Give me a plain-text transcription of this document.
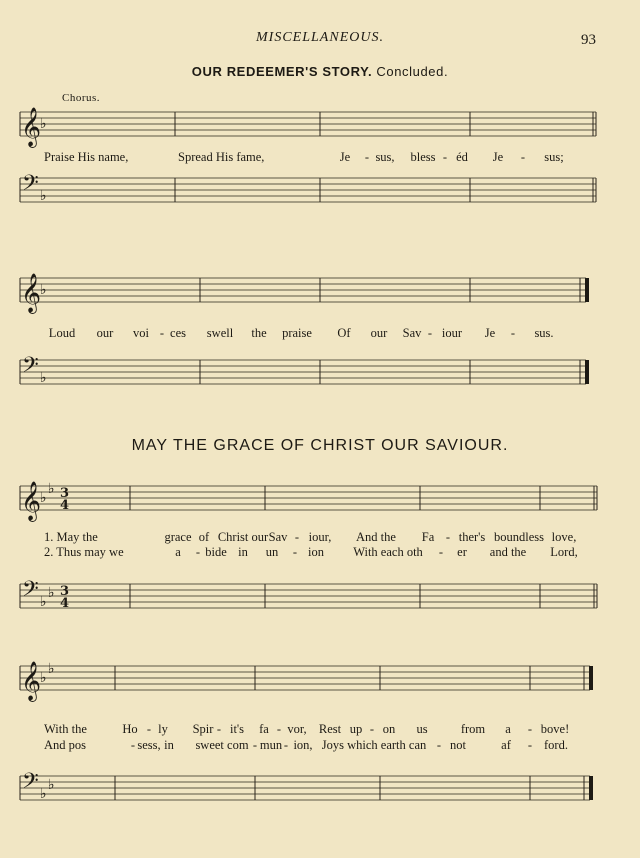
MISCELLANEOUS.	93
OUR REDEEMER'S STORY. Concluded.
Chorus.
𝄞
♭
Praise His name,	Spread His fame,	Je - sus, bless - éd Je - sus;
𝄢 ♭
𝄞
♭
Loud our voi - ces swell the praise Of our Sav - iour Je - sus.
𝄢 ♭
MAY THE GRACE OF CHRIST OUR SAVIOUR.
𝄞
♭
♭ 3
4
1. May the	grace of Christ our Sav - iour, And the Fa - ther's boundless love,
2. Thus may we	a - bide in un - ion With each oth - er and the Lord,
𝄢 ♭
♭ 3
4
𝄞
♭
♭
With the	Ho - ly Spir - it's fa - vor, Rest up - on us	from a - bove!
And pos	- sess, in sweet com - mun - ion, Joys which earth can - not	af - ford.
𝄢 ♭
♭
